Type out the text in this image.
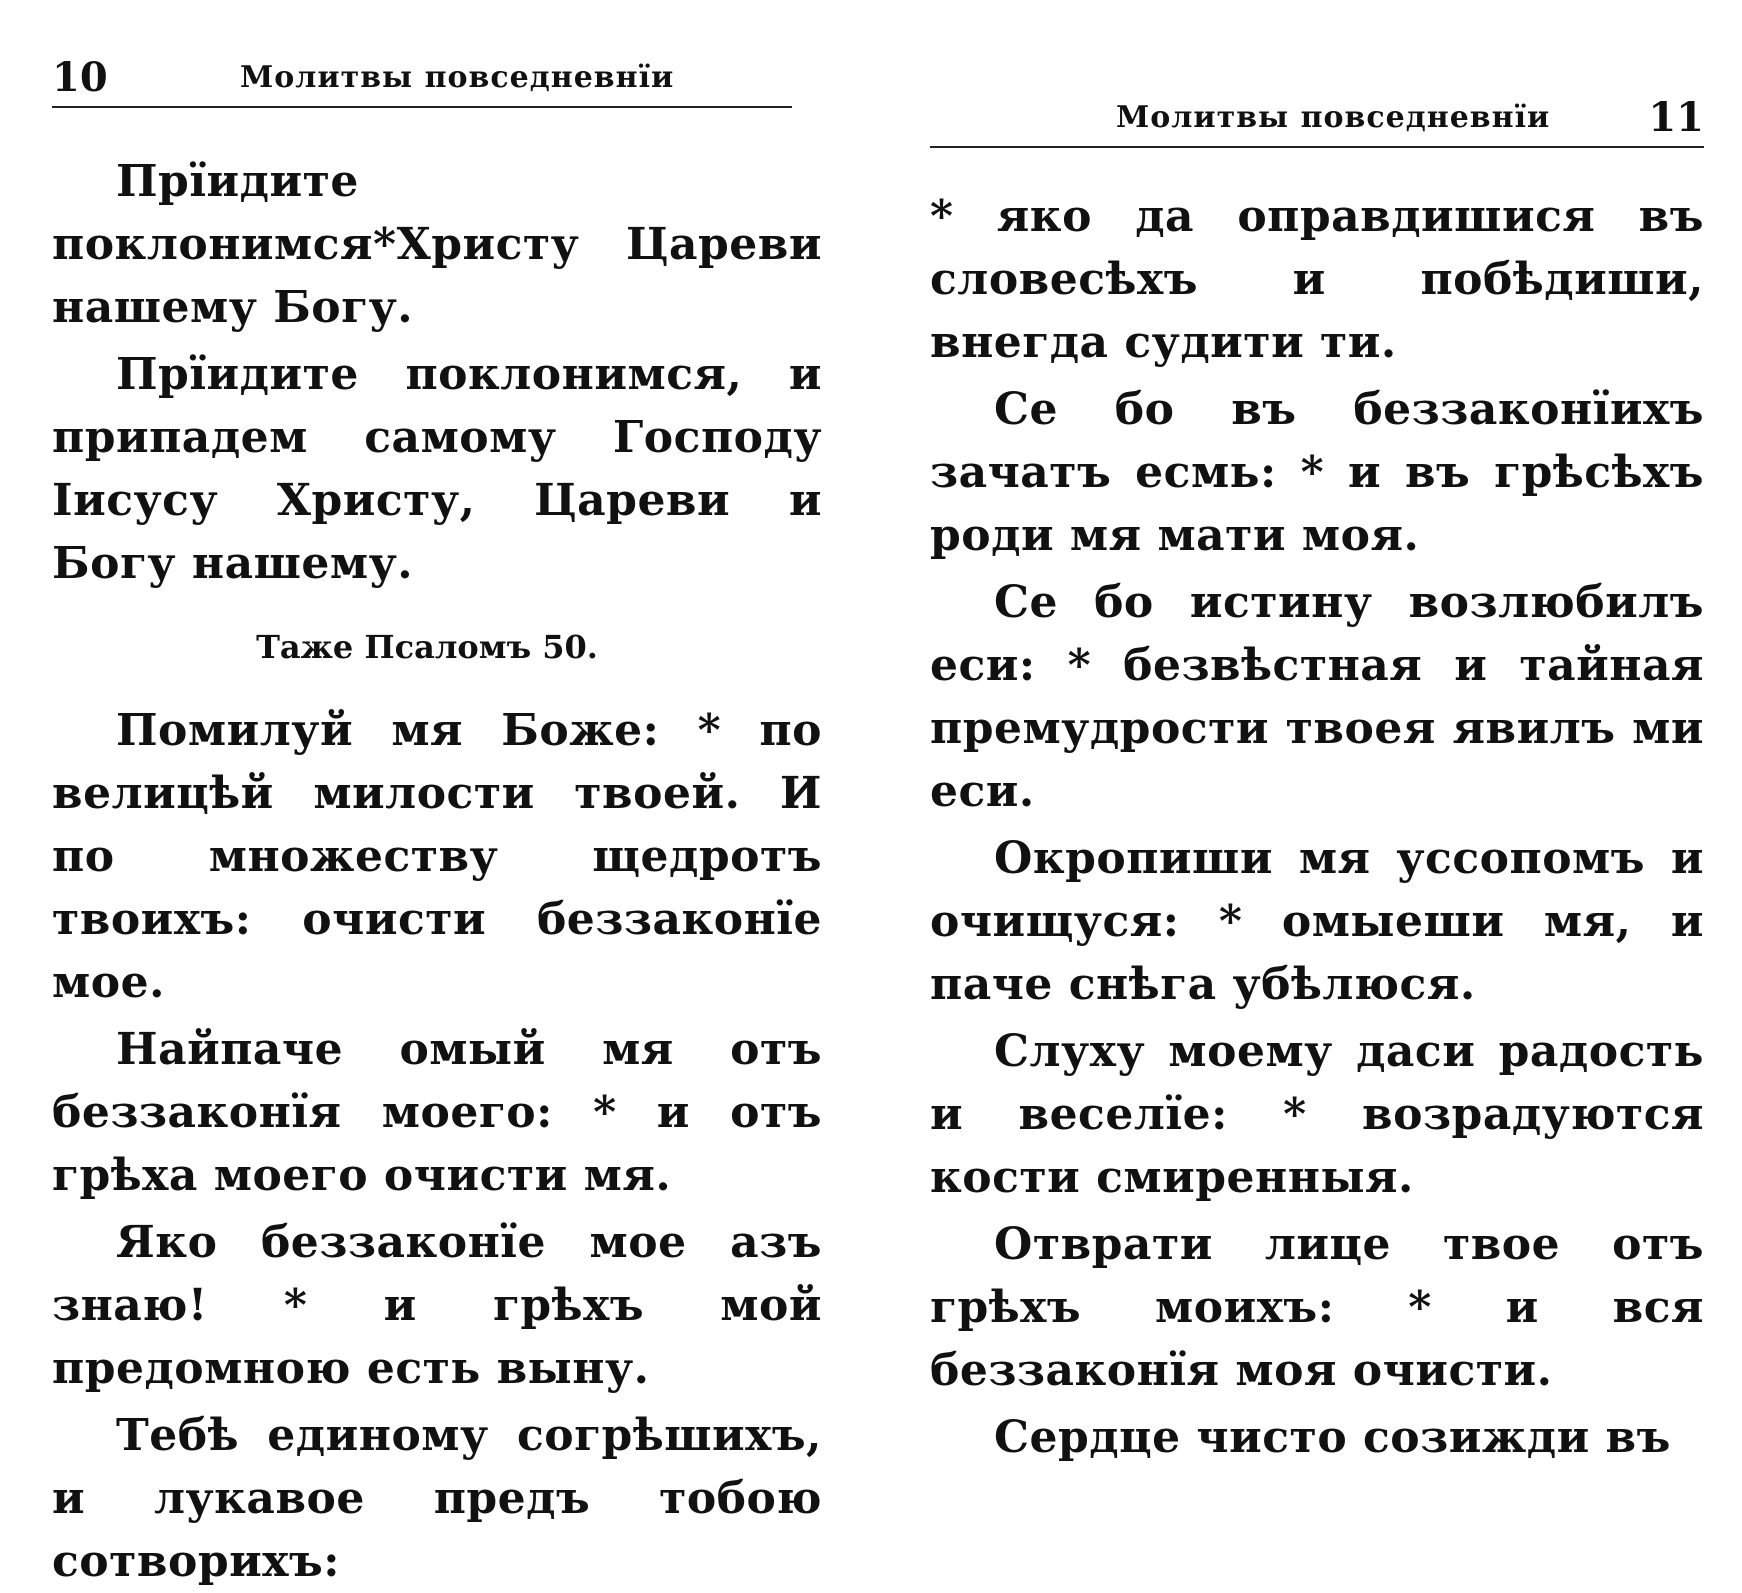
10	Молитвы повседневнїи

Прїидите поклонимся*Христу Цареви нашему Богу.

Прїидите поклонимся, и припадем самому Господу Іисусу Христу, Цареви и Богу нашему.

Таже Псаломъ 50.

Помилуй мя Боже: * по велицѣй милости твоей. И по множеству щедротъ твоихъ: очисти беззаконїе мое.

Найпаче омый мя отъ беззаконїя моего: * и отъ грѣха моего очисти мя.

Яко беззаконїе мое азъ знаю! * и грѣхъ мой предомною есть выну.

Тебѣ единому согрѣшихъ, и лукавое предъ тобою сотворихъ:

Молитвы повседневнїи 11

* яко да оправдишися въ словесѣхъ и побѣдиши, внегда судити ти.

Се бо въ беззаконїихъ зачатъ есмь: * и въ грѣсѣхъ роди мя мати моя.

Се бо истину возлюбилъ еси: * безвѣстная и тайная премудрости твоея явилъ ми еси.

Окропиши мя уссопомъ и очищуся: * омыеши мя, и паче снѣга убѣлюся.

Слуху моему даси радость и веселїе: * возрадуются кости смиренныя.

Отврати лице твое отъ грѣхъ моихъ: * и вся беззаконїя моя очисти.

Сердце чисто созижди въ
